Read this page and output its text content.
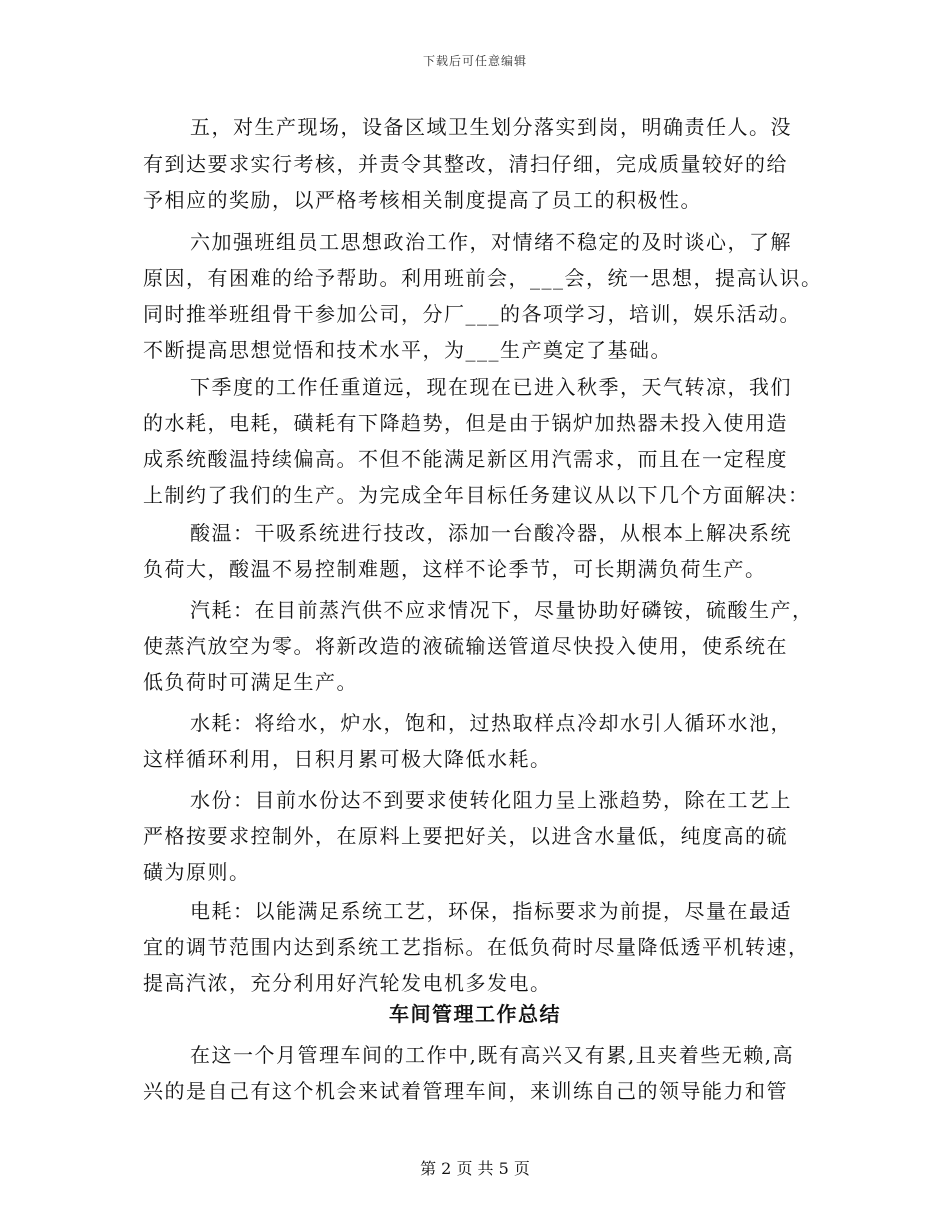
下载后可任意编辑
五，对生产现场，设备区域卫生划分落实到岗，明确责任人。没
有到达要求实行考核，并责令其整改，清扫仔细，完成质量较好的给
予相应的奖励，以严格考核相关制度提高了员工的积极性。
六加强班组员工思想政治工作，对情绪不稳定的及时谈心，了解
原因，有困难的给予帮助。利用班前会，___会，统一思想，提高认识。
同时推举班组骨干参加公司，分厂___的各项学习，培训，娱乐活动。
不断提高思想觉悟和技术水平，为___生产奠定了基础。
下季度的工作任重道远，现在现在已进入秋季，天气转凉，我们
的水耗，电耗，磺耗有下降趋势，但是由于锅炉加热器未投入使用造
成系统酸温持续偏高。不但不能满足新区用汽需求，而且在一定程度
上制约了我们的生产。为完成全年目标任务建议从以下几个方面解决：
酸温：干吸系统进行技改，添加一台酸冷器，从根本上解决系统
负荷大，酸温不易控制难题，这样不论季节，可长期满负荷生产。
汽耗：在目前蒸汽供不应求情况下，尽量协助好磷铵，硫酸生产，
使蒸汽放空为零。将新改造的液硫输送管道尽快投入使用，使系统在
低负荷时可满足生产。
水耗：将给水，炉水，饱和，过热取样点冷却水引人循环水池，
这样循环利用，日积月累可极大降低水耗。
水份：目前水份达不到要求使转化阻力呈上涨趋势，除在工艺上
严格按要求控制外，在原料上要把好关，以进含水量低，纯度高的硫
磺为原则。
电耗：以能满足系统工艺，环保，指标要求为前提，尽量在最适
宜的调节范围内达到系统工艺指标。在低负荷时尽量降低透平机转速，
提高汽浓，充分利用好汽轮发电机多发电。
车间管理工作总结
在这一个月管理车间的工作中,既有高兴又有累,且夹着些无赖,高
兴的是自己有这个机会来试着管理车间，来训练自己的领导能力和管
第 2 页 共 5 页
